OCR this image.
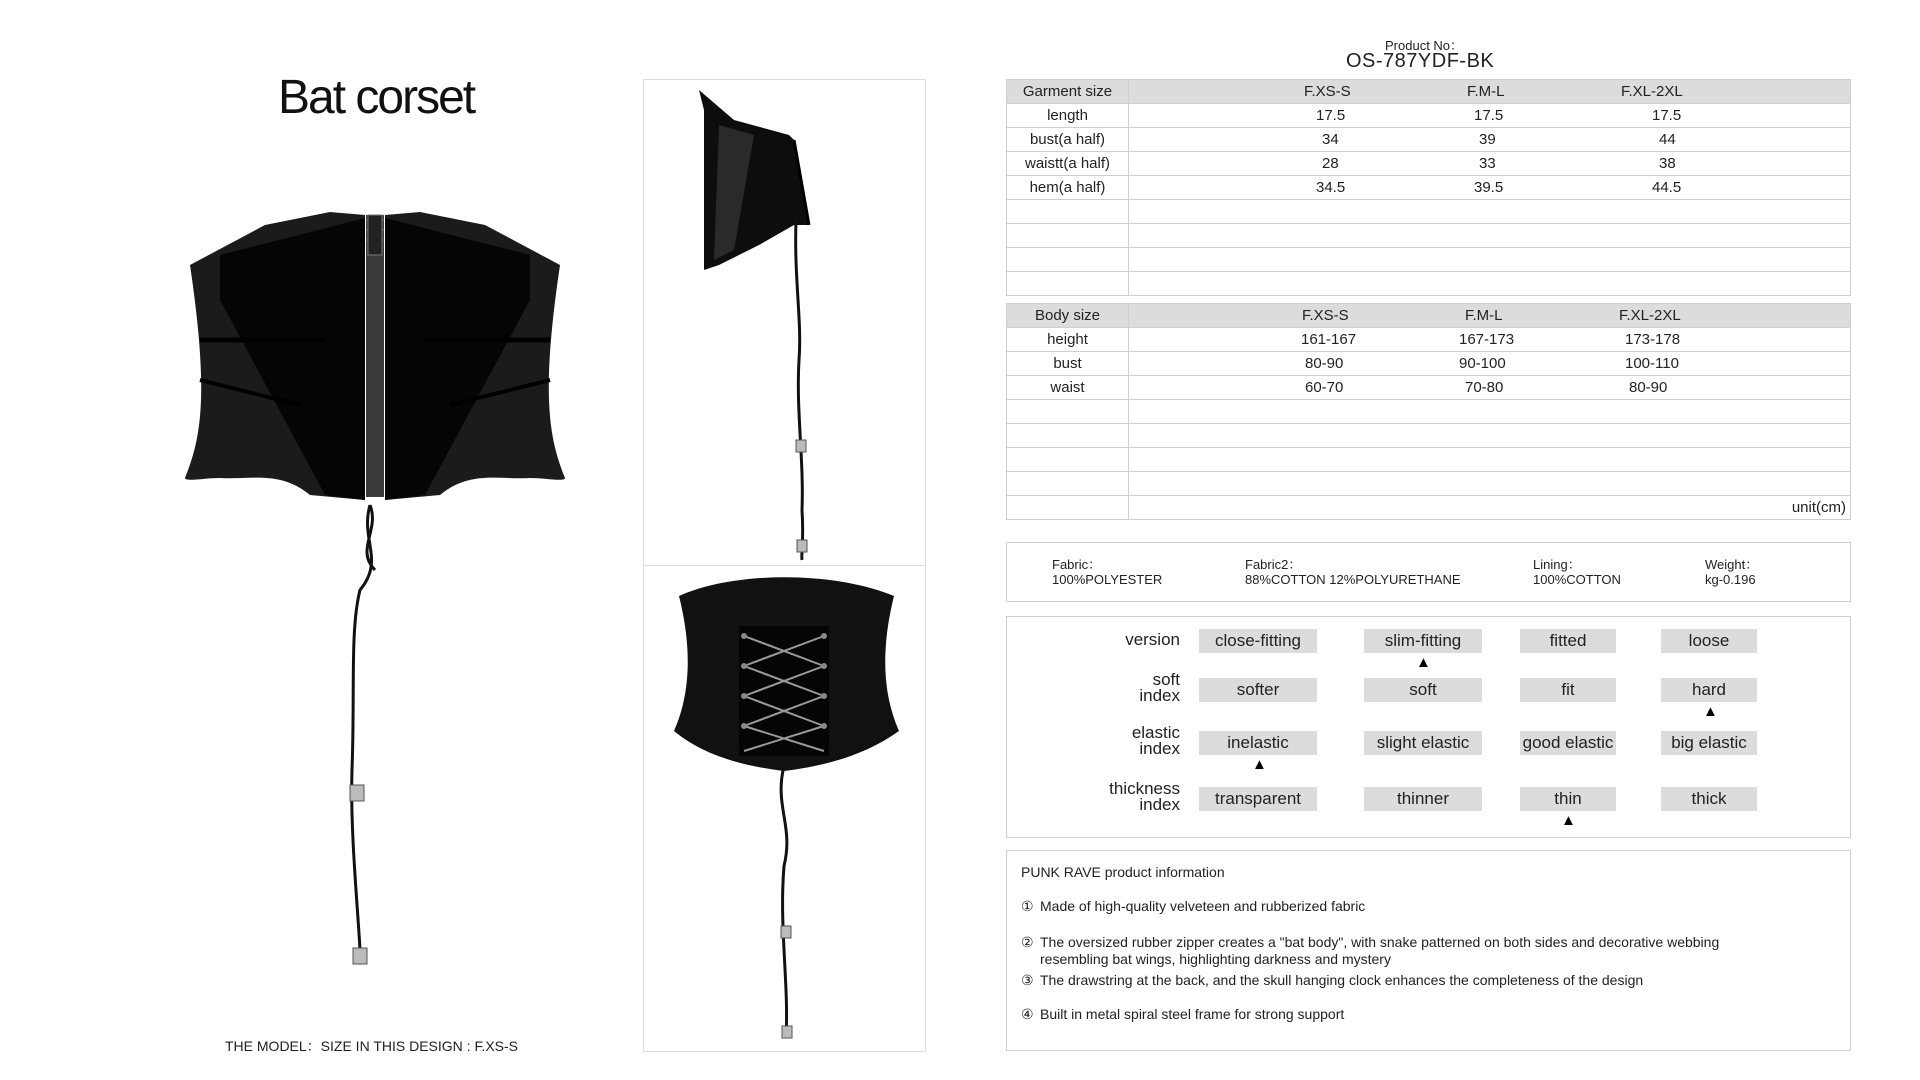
Bat corset
THE MODEL：SIZE IN THIS DESIGN : F.XS-S
Product No：
OS-787YDF-BK
Garment size	F.XS-S F.M-L F.XL-2XL

length	17.5 17.5 17.5

bust(a half)	34 39 44

waistt(a half)	28 33 38

hem(a half)	34.5 39.5 44.5

Body size	F.XS-S F.M-L F.XL-2XL

height	161-167 167-173 173-178

bust	80-90 90-100 100-110

waist	60-70 70-80 80-90

	unit(cm)
Fabric：
100%POLYESTER
Fabric2：
88%COTTON 12%POLYURETHANE
Lining：
100%COTTON
Weight：
kg-0.196
version	close-fitting	slim-fitting	fitted	loose
▲
soft
index	softer	soft	fit	hard
▲
elastic
index	inelastic	slight elastic	good elastic	big elastic
▲
thickness
index	transparent	thinner	thin	thick
▲
PUNK RAVE product information
① Made of high-quality velveteen and rubberized fabric
② The oversized rubber zipper creates a "bat body", with snake patterned on both sides and decorative webbing
resembling bat wings, highlighting darkness and mystery
③ The drawstring at the back, and the skull hanging clock enhances the completeness of the design
④ Built in metal spiral steel frame for strong support
